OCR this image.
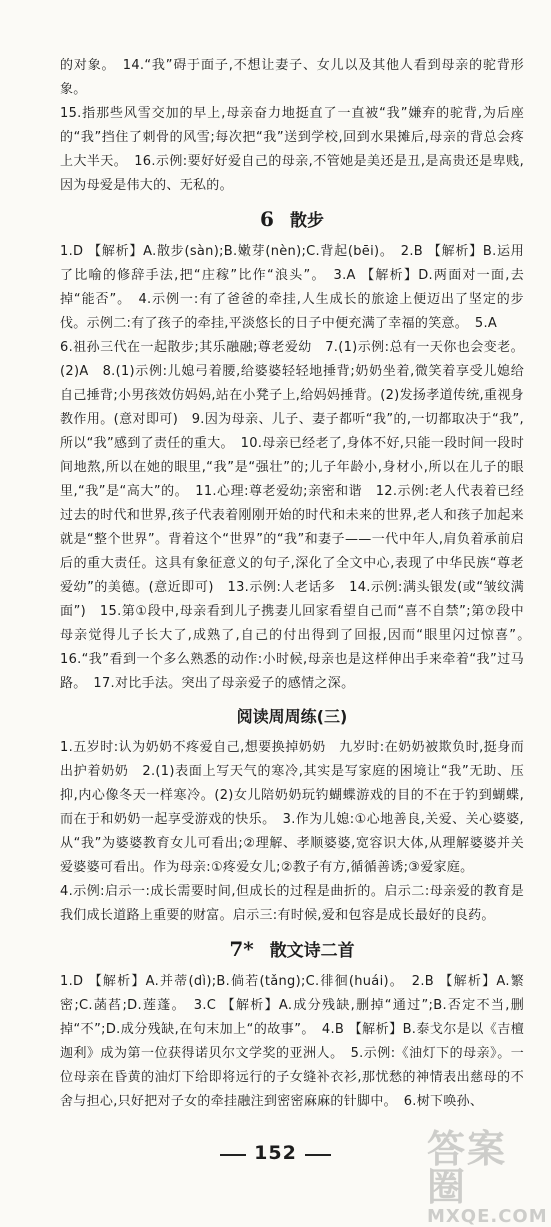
的对象。　14.“我”碍于面子,不想让妻子、女儿以及其他人看到母亲的驼背形象。

15.指那些风雪交加的早上,母亲奋力地挺直了一直被“我”嫌弃的驼背,为后座的“我”挡住了刺骨的风雪;每次把“我”送到学校,回到水果摊后,母亲的背总会疼上大半天。　16.示例:要好好爱自己的母亲,不管她是美还是丑,是高贵还是卑贱,因为母爱是伟大的、无私的。

6 散步

1.D 【解析】A.散步(sàn);B.嫩芽(nèn);C.背起(bēi)。　2.B 【解析】B.运用了比喻的修辞手法,把“庄稼”比作“浪头”。　3.A 【解析】D.两面对一面,去掉“能否”。　4.示例一:有了爸爸的牵挂,人生成长的旅途上便迈出了坚定的步伐。示例二:有了孩子的牵挂,平淡悠长的日子中便充满了幸福的笑意。　5.A

6.祖孙三代在一起散步;其乐融融;尊老爱幼　7.(1)示例:总有一天你也会变老。(2)A　8.(1)示例:儿媳弓着腰,给婆婆轻轻地捶背;奶奶坐着,微笑着享受儿媳给自己捶背;小男孩效仿妈妈,站在小凳子上,给妈妈捶背。(2)发扬孝道传统,重视身教作用。(意对即可)　9.因为母亲、儿子、妻子都听“我”的,一切都取决于“我”,所以“我”感到了责任的重大。　10.母亲已经老了,身体不好,只能一段时间一段时间地熬,所以在她的眼里,“我”是“强壮”的;儿子年龄小,身材小,所以在儿子的眼里,“我”是“高大”的。　11.心理:尊老爱幼;亲密和谐　12.示例:老人代表着已经过去的时代和世界,孩子代表着刚刚开始的时代和未来的世界,老人和孩子加起来就是“整个世界”。背着这个“世界”的“我”和妻子——一代中年人,肩负着承前启后的重大责任。这具有象征意义的句子,深化了全文中心,表现了中华民族“尊老爱幼”的美德。(意近即可)　13.示例:人老话多　14.示例:满头银发(或“皱纹满面”)　15.第①段中,母亲看到儿子携妻儿回家看望自己而“喜不自禁”;第⑦段中母亲觉得儿子长大了,成熟了,自己的付出得到了回报,因而“眼里闪过惊喜”。　16.“我”看到一个多么熟悉的动作:小时候,母亲也是这样伸出手来牵着“我”过马路。　17.对比手法。突出了母亲爱子的感情之深。

阅读周周练(三)

1.五岁时:认为奶奶不疼爱自己,想要换掉奶奶　九岁时:在奶奶被欺负时,挺身而出护着奶奶　2.(1)表面上写天气的寒冷,其实是写家庭的困境让“我”无助、压抑,内心像冬天一样寒冷。(2)女儿陪奶奶玩钓蝴蝶游戏的目的不在于钓到蝴蝶,而在于和奶奶一起享受游戏的快乐。　3.作为儿媳:①心地善良,关爱、关心婆婆,从“我”为婆婆教育女儿可看出;②理解、孝顺婆婆,宽容识大体,从理解婆婆并关爱婆婆可看出。作为母亲:①疼爱女儿;②教子有方,循循善诱;③爱家庭。

4.示例:启示一:成长需要时间,但成长的过程是曲折的。启示二:母亲爱的教育是我们成长道路上重要的财富。启示三:有时候,爱和包容是成长最好的良药。

7* 散文诗二首

1.D 【解析】A.并蒂(dì);B.倘若(tǎng);C.徘徊(huái)。　2.B 【解析】A.繁密;C.菡萏;D.莲蓬。　3.C 【解析】A.成分残缺,删掉“通过”;B.否定不当,删掉“不”;D.成分残缺,在句末加上“的故事”。　4.B 【解析】B.泰戈尔是以《吉檀迦利》成为第一位获得诺贝尔文学奖的亚洲人。　5.示例:《油灯下的母亲》。一位母亲在昏黄的油灯下给即将远行的子女缝补衣衫,那忧愁的神情表出慈母的不舍与担心,只好把对子女的牵挂融注到密密麻麻的针脚中。　6.树下唤孙、

152	答案圈
MXQE.COM
